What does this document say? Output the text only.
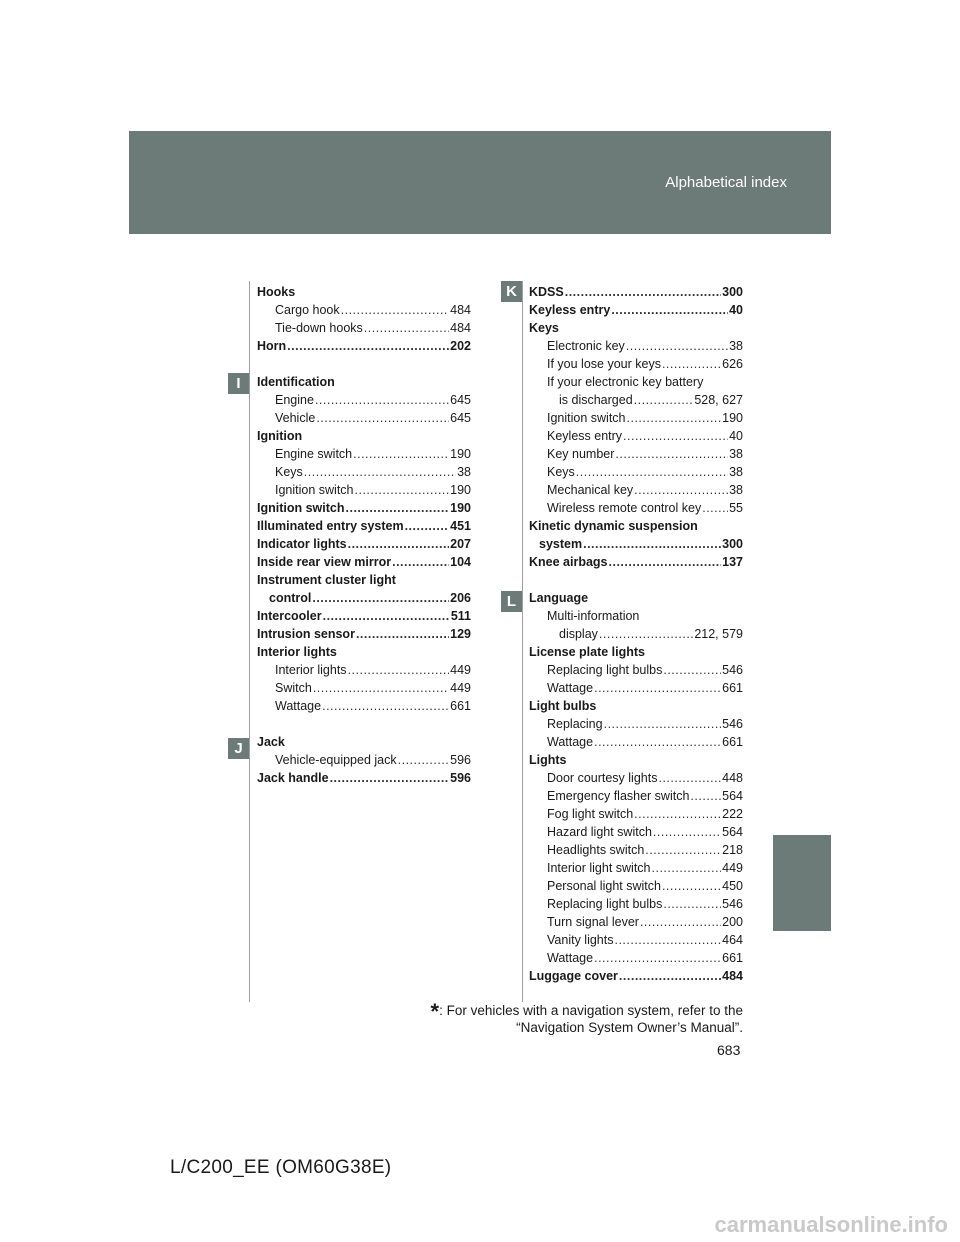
Alphabetical index
I
J
K
L
Hooks
Cargo hook .....	484
Tie-down hooks .....	484
Horn .....	202
Identification
Engine .....	645
Vehicle .....	645
Ignition
Engine switch .....	190
Keys .....	38
Ignition switch .....	190
Ignition switch .....	190
Illuminated entry system .....	451
Indicator lights .....	207
Inside rear view mirror .....	104
Instrument cluster light
control .....	206
Intercooler .....	511
Intrusion sensor .....	129
Interior lights
Interior lights .....	449
Switch .....	449
Wattage .....	661
Jack
Vehicle-equipped jack .....	596
Jack handle .....	596
KDSS .....	300
Keyless entry .....	40
Keys
Electronic key .....	38
If you lose your keys .....	626
If your electronic key battery
is discharged .....	528, 627
Ignition switch .....	190
Keyless entry .....	40
Key number .....	38
Keys .....	38
Mechanical key .....	38
Wireless remote control key ..... 55
Kinetic dynamic suspension
system .....	300
Knee airbags .....	137
Language
Multi-information
display .....	212, 579
License plate lights
Replacing light bulbs .....	546
Wattage .....	661
Light bulbs
Replacing .....	546
Wattage .....	661
Lights
Door courtesy lights .....	448
Emergency flasher switch .....	564
Fog light switch .....	222
Hazard light switch .....	564
Headlights switch .....	218
Interior light switch .....	449
Personal light switch .....	450
Replacing light bulbs .....	546
Turn signal lever .....	200
Vanity lights .....	464
Wattage .....	661
Luggage cover .....	484
*: For vehicles with a navigation system, refer to the
“Navigation System Owner’s Manual”.
683
L/C200_EE (OM60G38E)
carmanualsonline.info
